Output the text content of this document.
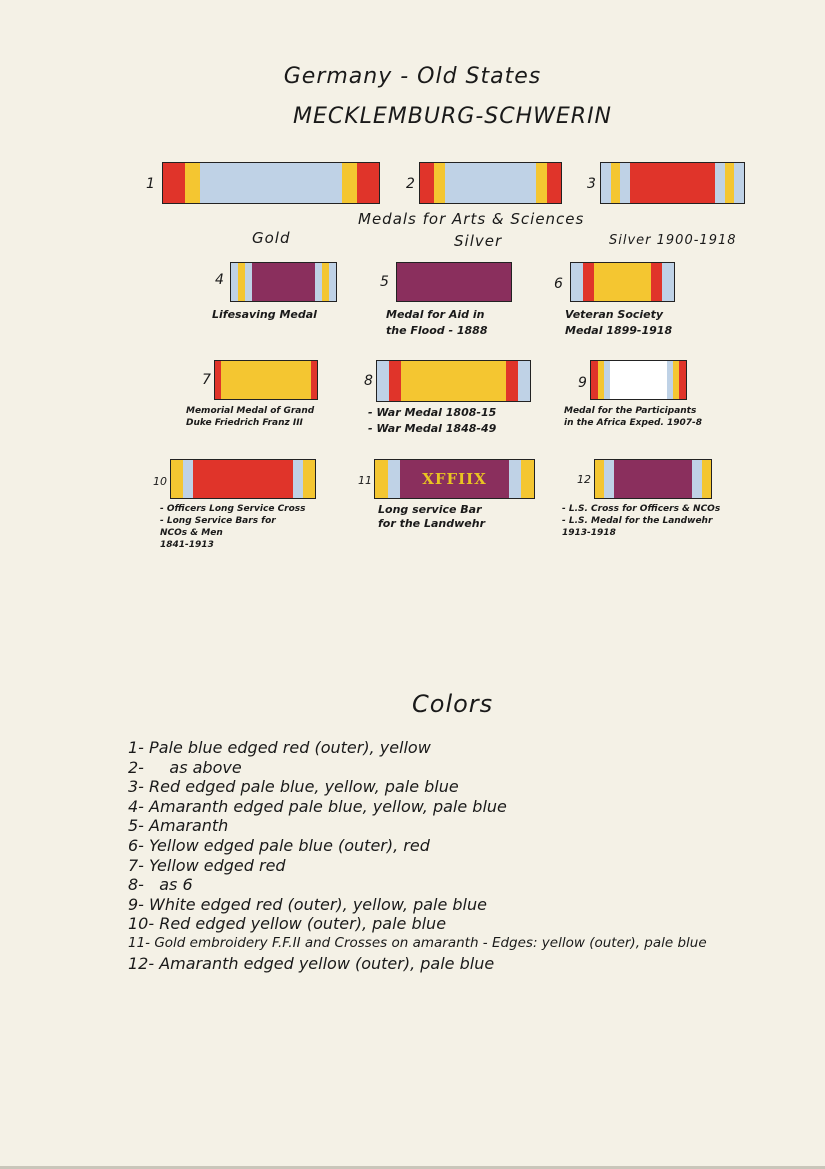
Germany - Old States
MECKLEMBURG-SCHWERIN
1	2	3
Medals for Arts & Sciences
Gold	Silver	Silver 1900-1918
4
Lifesaving Medal
5
Medal for Aid in
the Flood - 1888
6
Veteran Society
Medal 1899-1918
7
Memorial Medal of Grand
Duke Friedrich Franz III
8
- War Medal 1808-15
- War Medal 1848-49
9
Medal for the Participants
in the Africa Exped. 1907-8
10
- Officers Long Service Cross
- Long Service Bars for
NCOs & Men
1841-1913
11	XFFIIX
Long service Bar
for the Landwehr
12
- L.S. Cross for Officers & NCOs
- L.S. Medal for the Landwehr
1913-1918
Colors
1- Pale blue edged red (outer), yellow
2-     as above
3- Red edged pale blue, yellow, pale blue
4- Amaranth edged pale blue, yellow, pale blue
5- Amaranth
6- Yellow edged pale blue (outer), red
7- Yellow edged red
8-   as 6
9- White edged red (outer), yellow, pale blue
10- Red edged yellow (outer), pale blue
11- Gold embroidery F.F.II and Crosses on amaranth - Edges: yellow (outer), pale blue
12- Amaranth edged yellow (outer), pale blue
